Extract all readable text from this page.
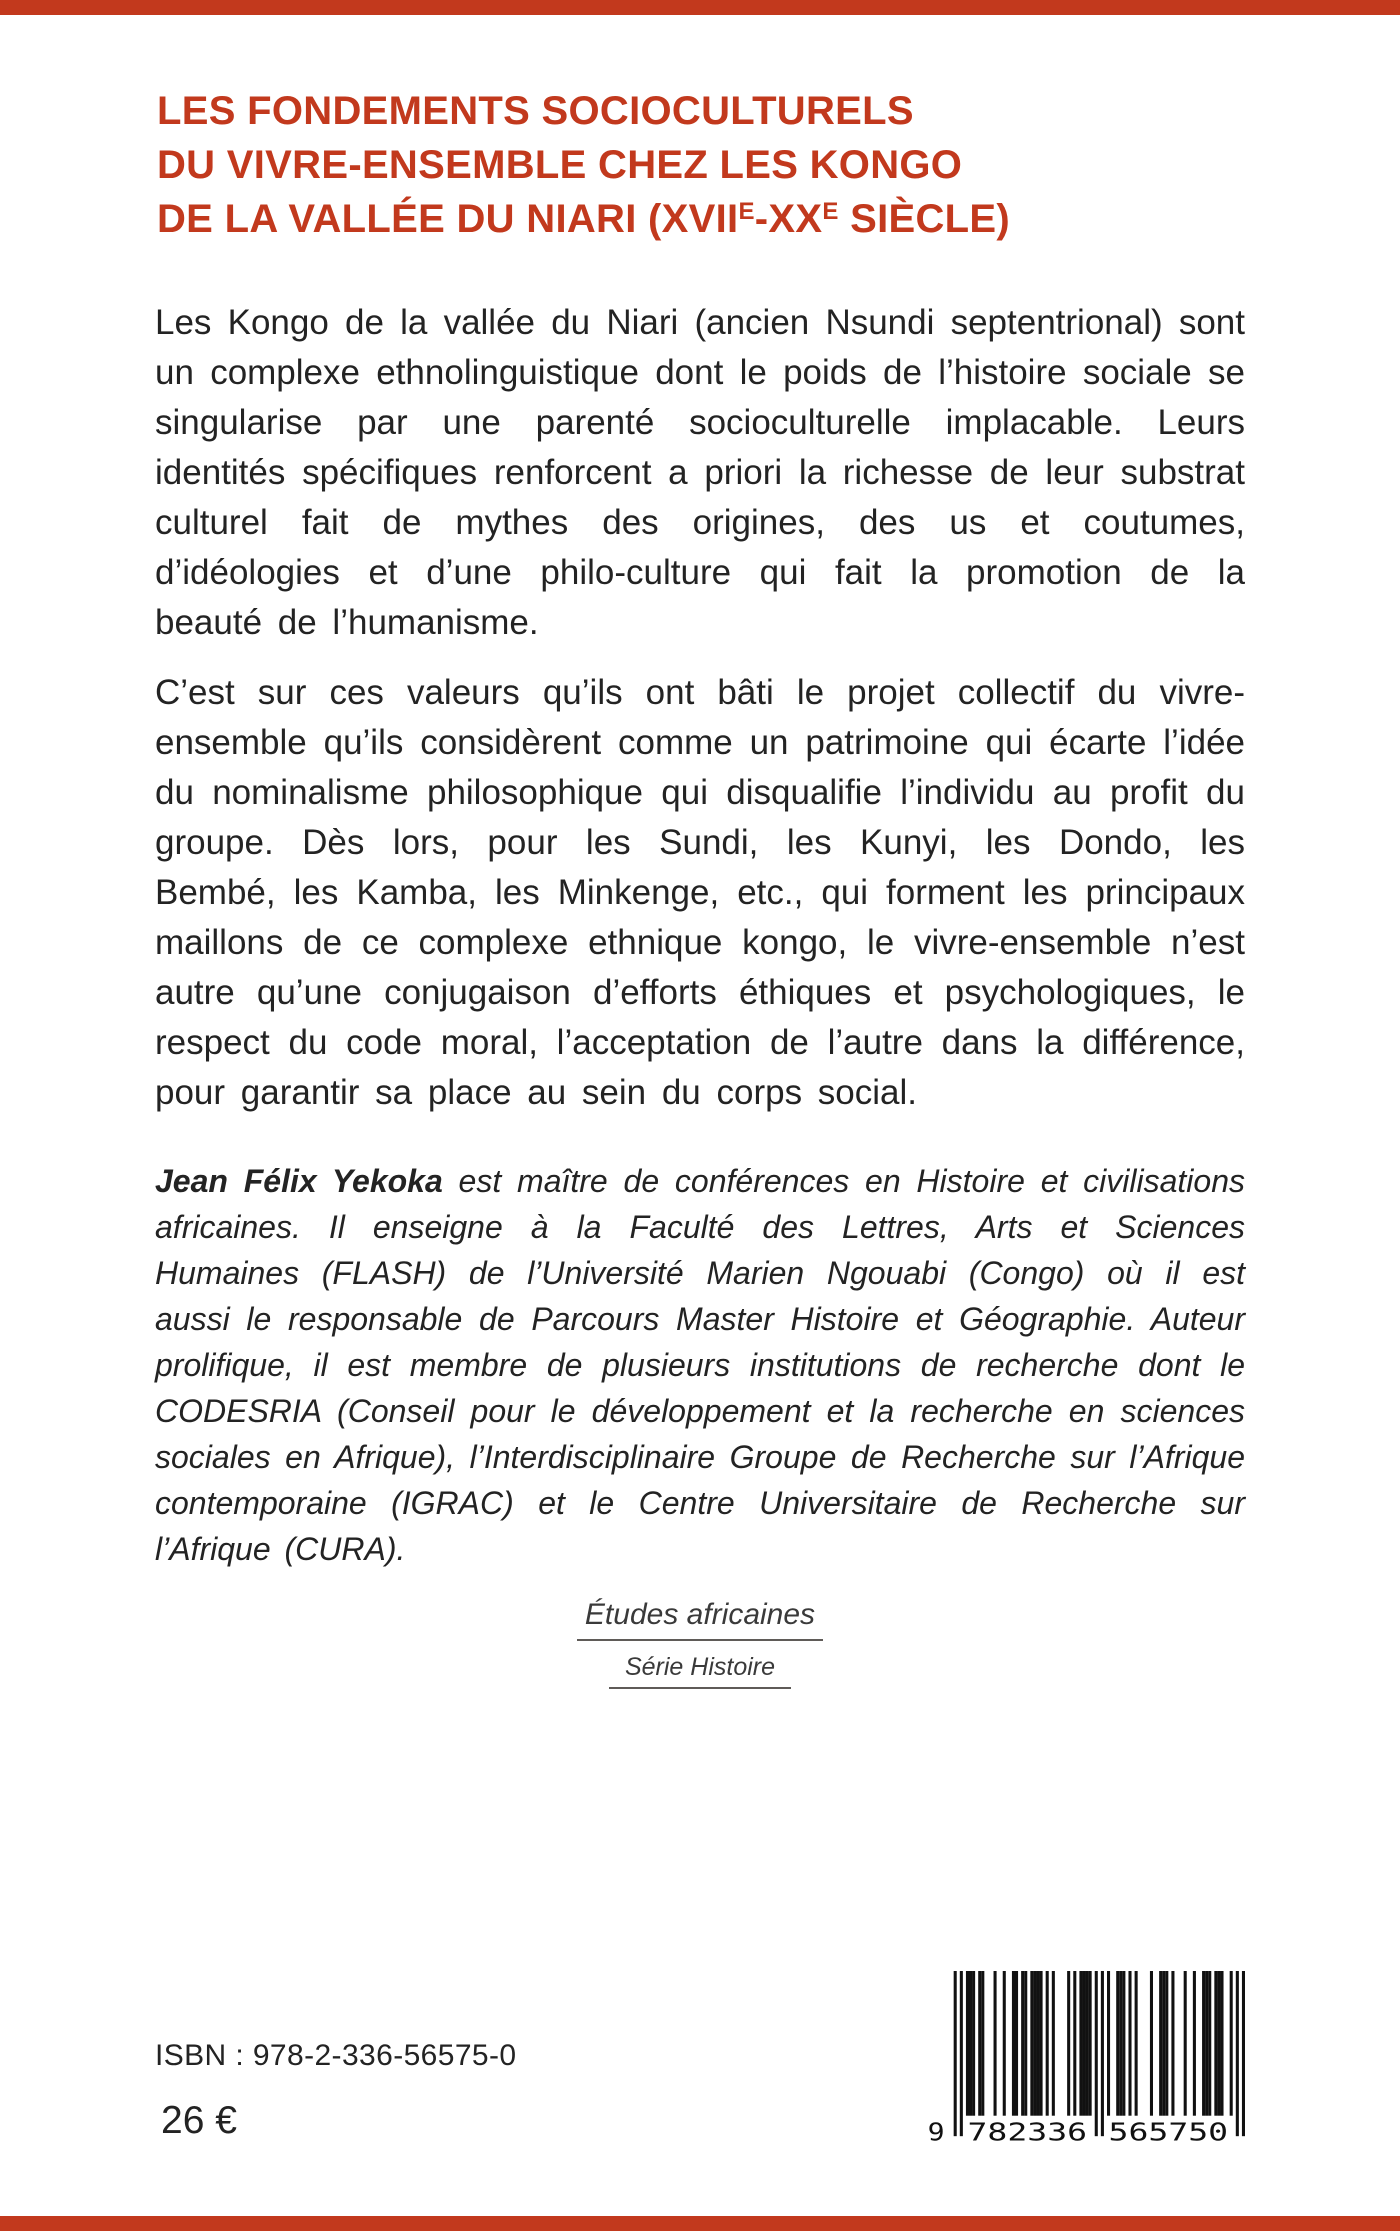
LES FONDEMENTS SOCIOCULTURELS
DU VIVRE-ENSEMBLE CHEZ LES KONGO
DE LA VALLÉE DU NIARI ($XVII^E-XX^E$ SIÈCLE)

Les Kongo de la vallée du Niari (ancien Nsundi septentrional) sont un complexe ethnolinguistique dont le poids de l’histoire sociale se singularise par une parenté socioculturelle implacable. Leurs identités spécifiques renforcent a priori la richesse de leur substrat culturel fait de mythes des origines, des us et coutumes, d’idéologies et d’une philo-culture qui fait la promotion de la beauté de l’humanisme.

C’est sur ces valeurs qu’ils ont bâti le projet collectif du vivre-ensemble qu’ils considèrent comme un patrimoine qui écarte l’idée du nominalisme philosophique qui disqualifie l’individu au profit du groupe. Dès lors, pour les Sundi, les Kunyi, les Dondo, les Bembé, les Kamba, les Minkenge, etc., qui forment les principaux maillons de ce complexe ethnique kongo, le vivre-ensemble n’est autre qu’une conjugaison d’efforts éthiques et psychologiques, le respect du code moral, l’acceptation de l’autre dans la différence, pour garantir sa place au sein du corps social.

Jean Félix Yekoka est maître de conférences en Histoire et civilisations africaines. Il enseigne à la Faculté des Lettres, Arts et Sciences Humaines (FLASH) de l’Université Marien Ngouabi (Congo) où il est aussi le responsable de Parcours Master Histoire et Géographie. Auteur prolifique, il est membre de plusieurs institutions de recherche dont le CODESRIA (Conseil pour le développement et la recherche en sciences sociales en Afrique), l’Interdisciplinaire Groupe de Recherche sur l’Afrique contemporaine (IGRAC) et le Centre Universitaire de Recherche sur l’Afrique (CURA).

Études africaines
Série Histoire
ISBN : 978-2-336-56575-0
26 €	9 782336 565750
